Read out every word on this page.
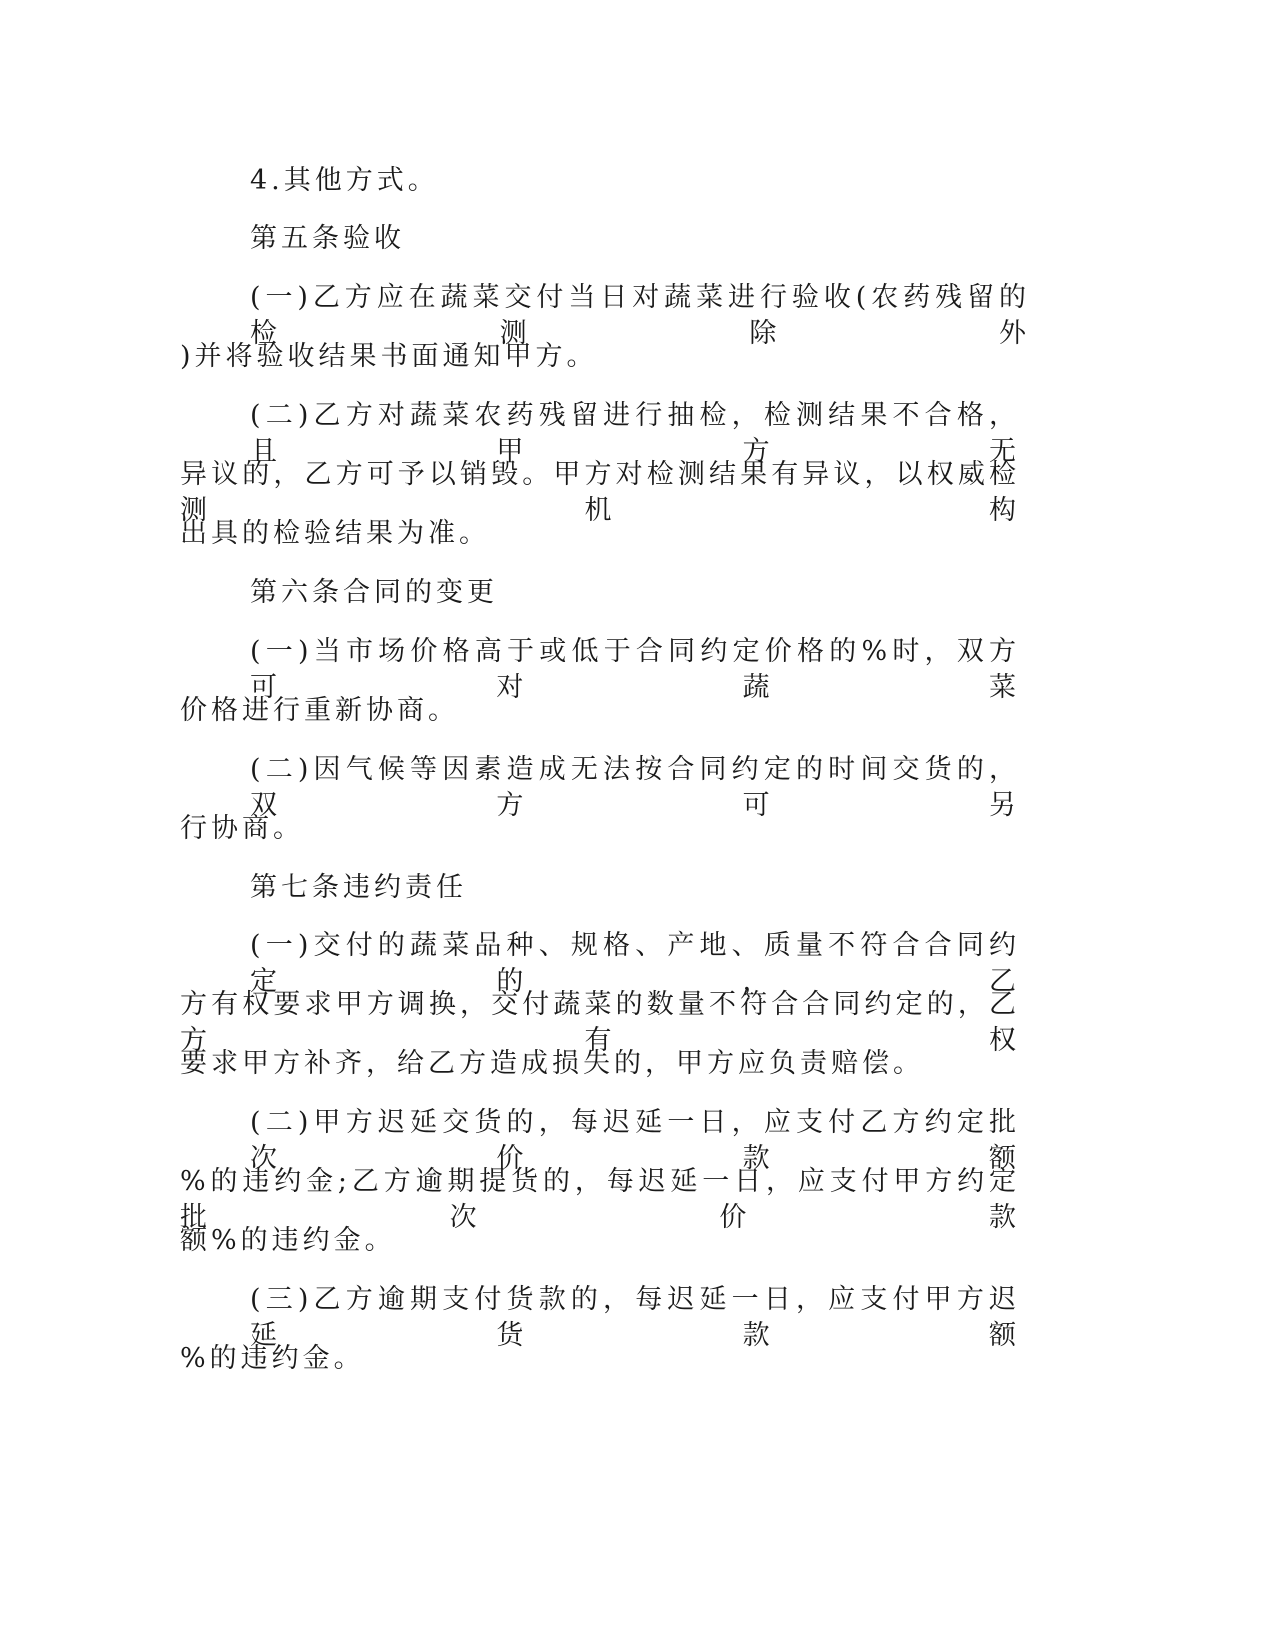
4.其他方式。
第五条验收
(一)乙方应在蔬菜交付当日对蔬菜进行验收(农药残留的检测除外
)并将验收结果书面通知甲方。
(二)乙方对蔬菜农药残留进行抽检，检测结果不合格，且甲方无
异议的，乙方可予以销毁。甲方对检测结果有异议，以权威检测机构
出具的检验结果为准。
第六条合同的变更
(一)当市场价格高于或低于合同约定价格的%时，双方可对蔬菜
价格进行重新协商。
(二)因气候等因素造成无法按合同约定的时间交货的，双方可另
行协商。
第七条违约责任
(一)交付的蔬菜品种、规格、产地、质量不符合合同约定的，乙
方有权要求甲方调换，交付蔬菜的数量不符合合同约定的，乙方有权
要求甲方补齐，给乙方造成损失的，甲方应负责赔偿。
(二)甲方迟延交货的，每迟延一日，应支付乙方约定批次价款额
%的违约金;乙方逾期提货的，每迟延一日，应支付甲方约定批次价款
额%的违约金。
(三)乙方逾期支付货款的，每迟延一日，应支付甲方迟延货款额
%的违约金。
